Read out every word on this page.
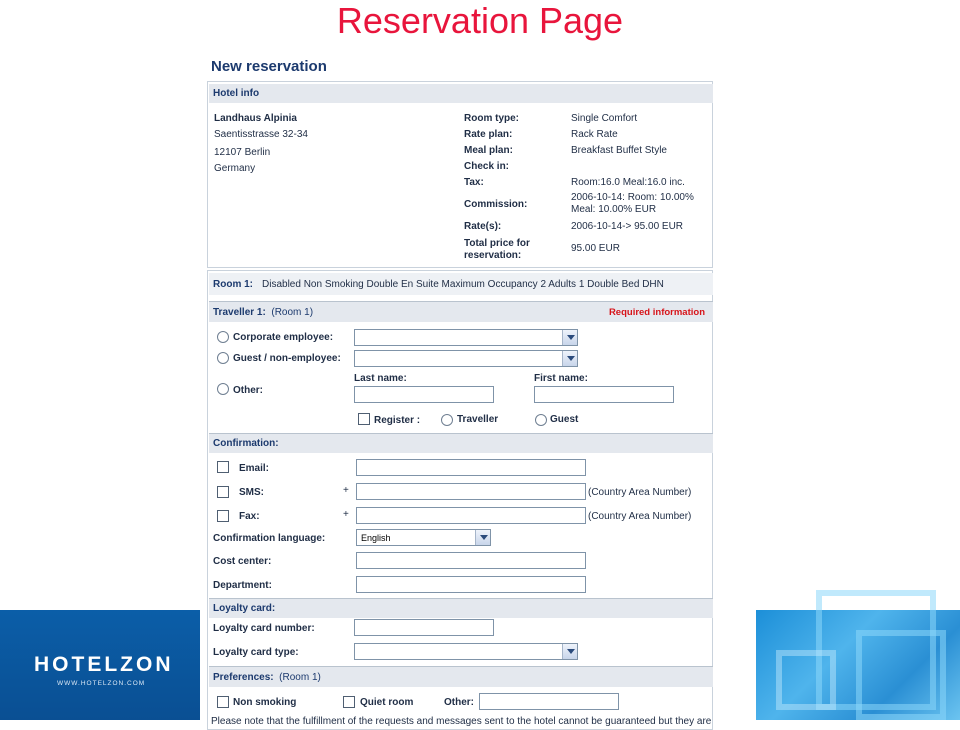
Reservation Page
HOTELZON
WWW.HOTELZON.COM
New reservation
Hotel info
Landhaus Alpinia
Saentisstrasse 32-34
12107 Berlin
Germany
Room type:	Single Comfort
Rate plan:	Rack Rate
Meal plan:	Breakfast Buffet Style
Check in:
Tax:	Room:16.0 Meal:16.0 inc.
Commission:
2006-10-14: Room: 10.00%
Meal: 10.00% EUR
Rate(s):	2006-10-14-> 95.00 EUR
Total price for
reservation:
95.00 EUR
Room 1: Disabled Non Smoking Double En Suite Maximum Occupancy 2 Adults 1 Double Bed DHN
Traveller 1: (Room 1)	Required information
Corporate employee:
Guest / non-employee:
Other:
Last name:	First name:
Register :	Traveller	Guest
Confirmation:
Email:
SMS:	+	(Country Area Number)
Fax:	+	(Country Area Number)
Confirmation language:	English
Cost center:
Department:
Loyalty card:
Loyalty card number:
Loyalty card type:
Preferences: (Room 1)
Non smoking	Quiet room	Other:
Please note that the fulfillment of the requests and messages sent to the hotel cannot be guaranteed but they are
